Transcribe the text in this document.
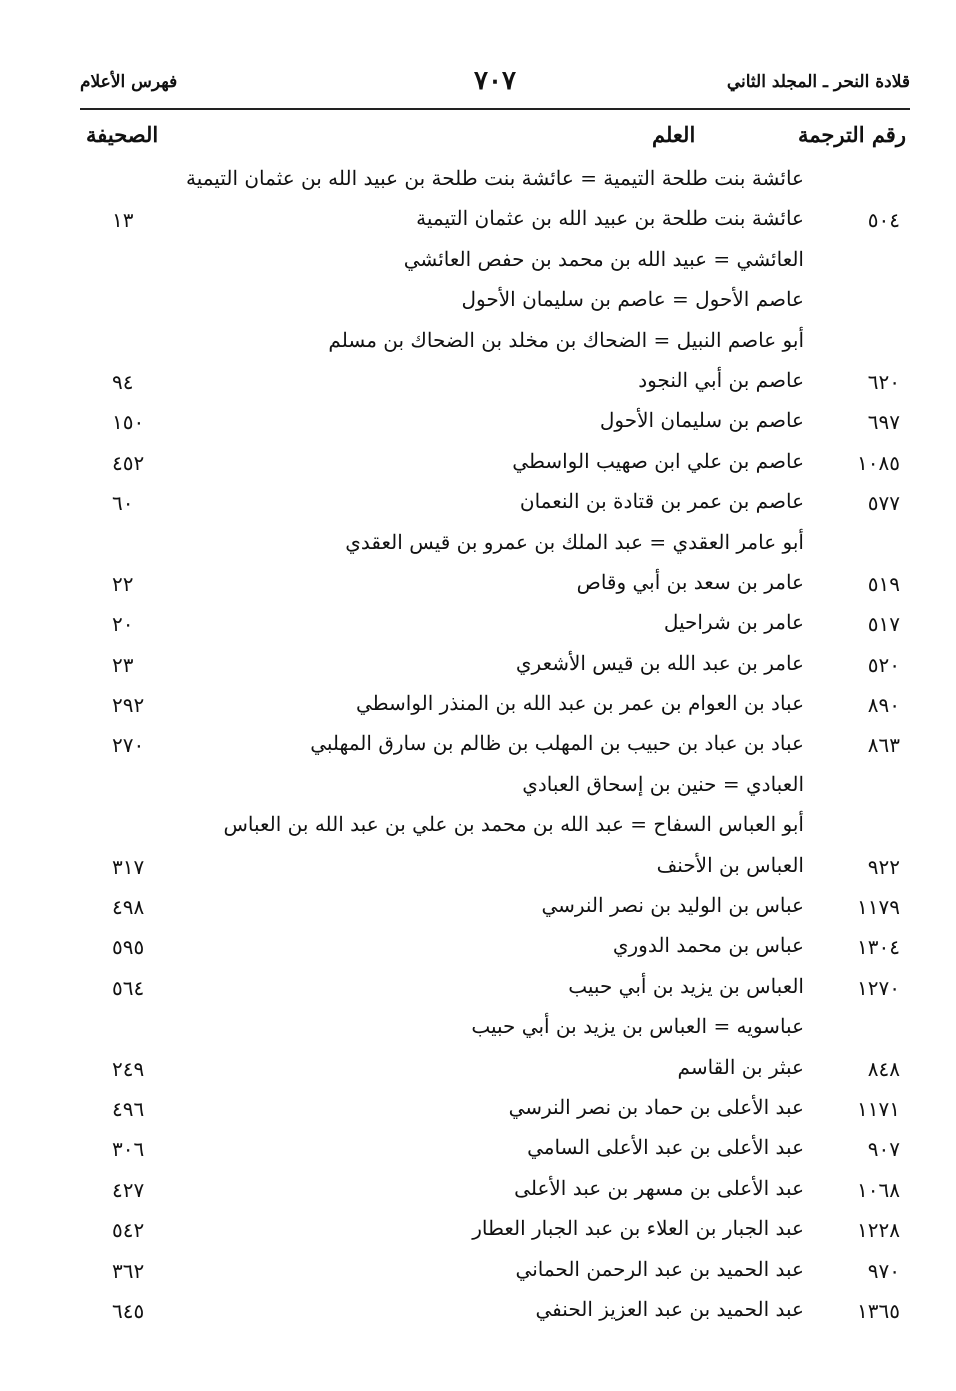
قلادة النحر ـ المجلد الثاني
٧٠٧
فهرس الأعلام
رقم الترجمة
العلم
الصحيفة
عائشة بنت طلحة التيمية = عائشة بنت طلحة بن عبيد الله بن عثمان التيمية
٥٠٤
عائشة بنت طلحة بن عبيد الله بن عثمان التيمية
١٣
العائشي = عبيد الله بن محمد بن حفص العائشي
عاصم الأحول = عاصم بن سليمان الأحول
أبو عاصم النبيل = الضحاك بن مخلد بن الضحاك بن مسلم
٦٢٠
عاصم بن أبي النجود
٩٤
٦٩٧
عاصم بن سليمان الأحول
١٥٠
١٠٨٥
عاصم بن علي ابن صهيب الواسطي
٤٥٢
٥٧٧
عاصم بن عمر بن قتادة بن النعمان
٦٠
أبو عامر العقدي = عبد الملك بن عمرو بن قيس العقدي
٥١٩
عامر بن سعد بن أبي وقاص
٢٢
٥١٧
عامر بن شراحيل
٢٠
٥٢٠
عامر بن عبد الله بن قيس الأشعري
٢٣
٨٩٠
عباد بن العوام بن عمر بن عبد الله بن المنذر الواسطي
٢٩٢
٨٦٣
عباد بن عباد بن حبيب بن المهلب بن ظالم بن سارق المهلبي
٢٧٠
العبادي = حنين بن إسحاق العبادي
أبو العباس السفاح = عبد الله بن محمد بن علي بن عبد الله بن العباس
٩٢٢
العباس بن الأحنف
٣١٧
١١٧٩
عباس بن الوليد بن نصر النرسي
٤٩٨
١٣٠٤
عباس بن محمد الدوري
٥٩٥
١٢٧٠
العباس بن يزيد بن أبي حبيب
٥٦٤
عباسويه = العباس بن يزيد بن أبي حبيب
٨٤٨
عبثر بن القاسم
٢٤٩
١١٧١
عبد الأعلى بن حماد بن نصر النرسي
٤٩٦
٩٠٧
عبد الأعلى بن عبد الأعلى السامي
٣٠٦
١٠٦٨
عبد الأعلى بن مسهر بن عبد الأعلى
٤٢٧
١٢٢٨
عبد الجبار بن العلاء بن عبد الجبار العطار
٥٤٢
٩٧٠
عبد الحميد بن عبد الرحمن الحماني
٣٦٢
١٣٦٥
عبد الحميد بن عبد العزيز الحنفي
٦٤٥
